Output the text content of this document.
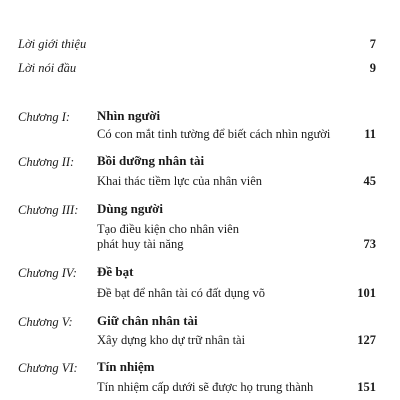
Lời giới thiệu	7
Lời nói đầu	9
Chương I: Nhìn người
Có con mắt tinh tường để biết cách nhìn người	11
Chương II: Bồi dưỡng nhân tài
Khai thác tiềm lực của nhân viên	45
Chương III: Dùng người
Tạo điều kiện cho nhân viên
phát huy tài năng	73
Chương IV: Đề bạt
Đề bạt để nhân tài có đất dụng võ	101
Chương V: Giữ chân nhân tài
Xây dựng kho dự trữ nhân tài	127
Chương VI: Tín nhiệm
Tín nhiệm cấp dưới sẽ được họ trung thành	151
